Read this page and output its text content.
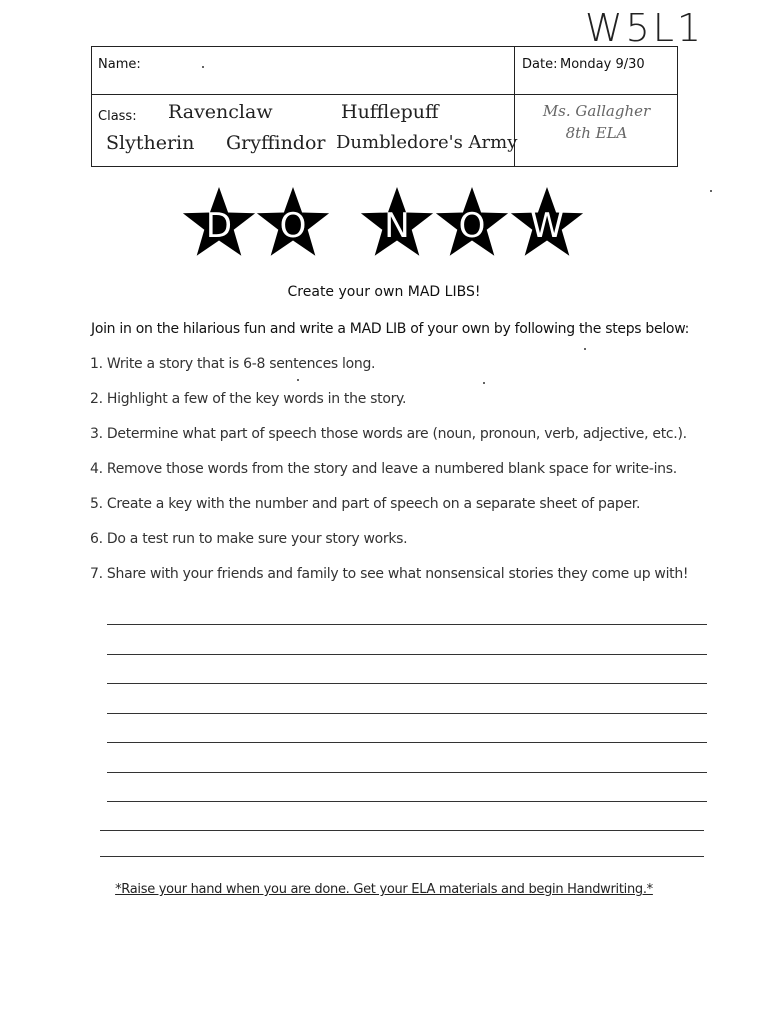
W5L1
Name:	Date: Monday 9/30
Class: Ravenclaw	Hufflepuff
Slytherin Gryffindor Dumbledore's Army
Ms. Gallagher
8th ELA
D O N O W
Create your own MAD LIBS!
Join in on the hilarious fun and write a MAD LIB of your own by following the steps below:
1. Write a story that is 6-8 sentences long.
2. Highlight a few of the key words in the story.
3. Determine what part of speech those words are (noun, pronoun, verb, adjective, etc.).
4. Remove those words from the story and leave a numbered blank space for write-ins.
5. Create a key with the number and part of speech on a separate sheet of paper.
6. Do a test run to make sure your story works.
7. Share with your friends and family to see what nonsensical stories they come up with!
*Raise your hand when you are done. Get your ELA materials and begin Handwriting.*
